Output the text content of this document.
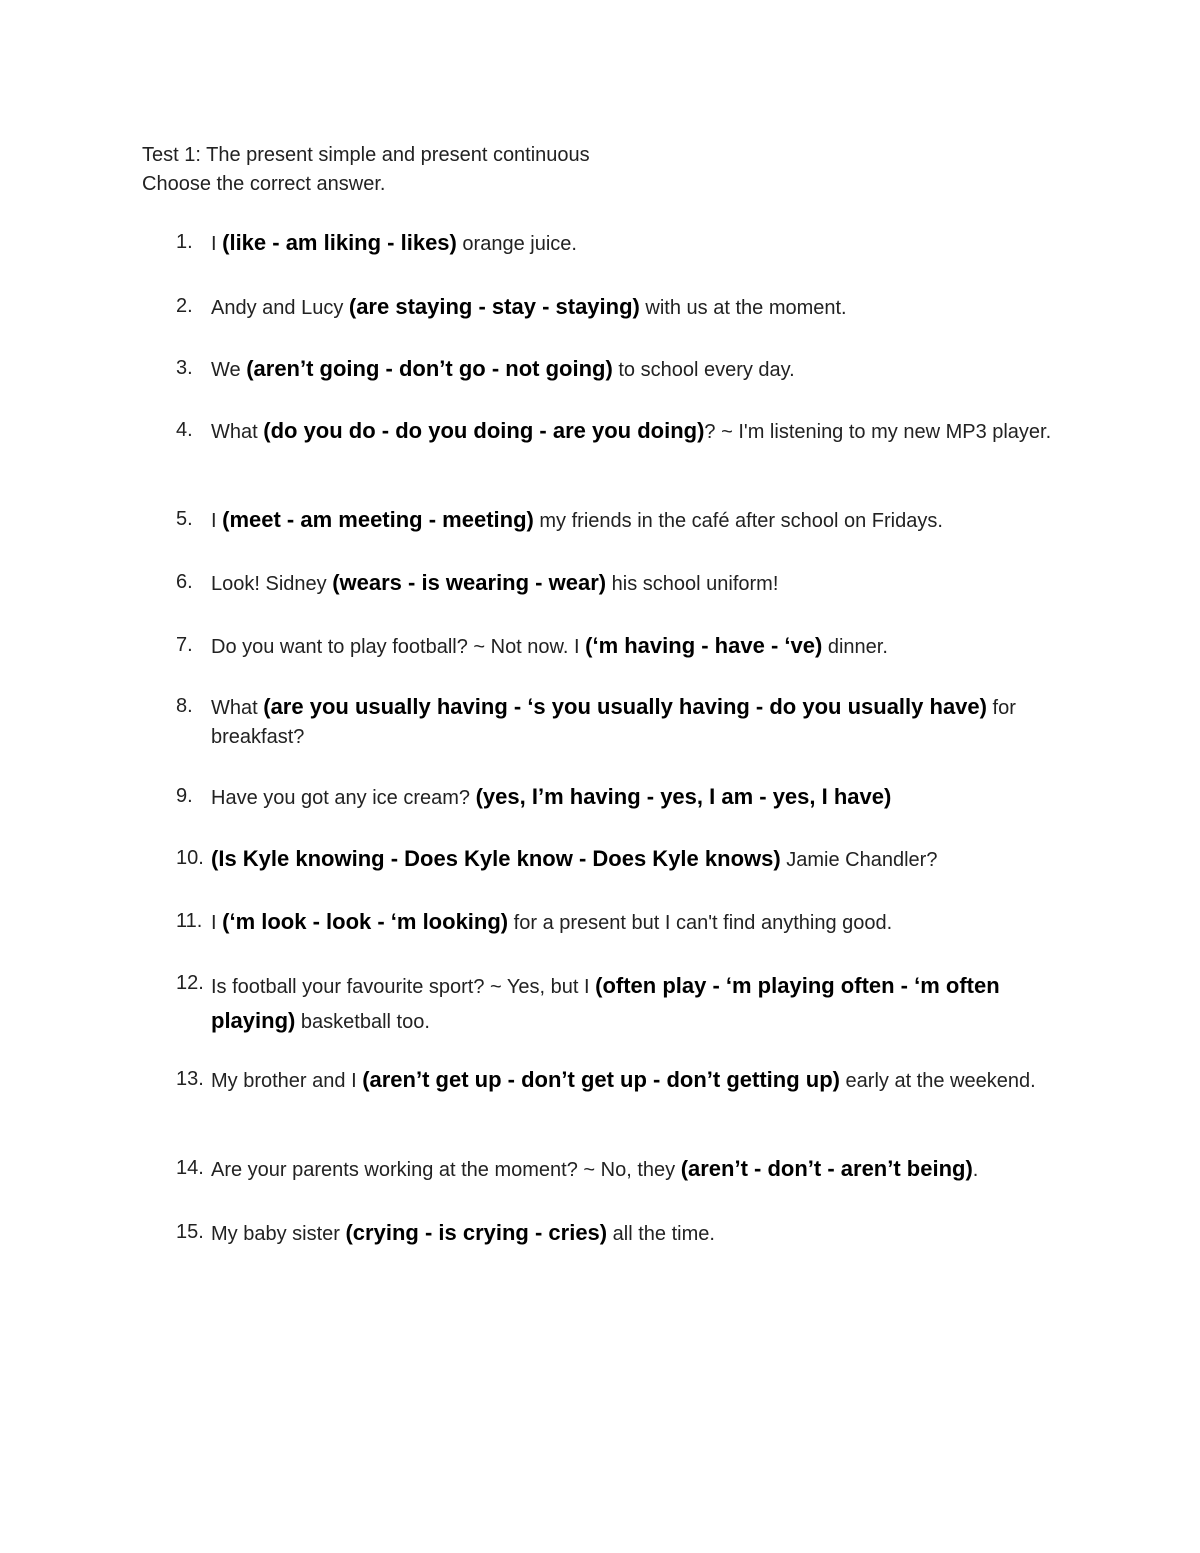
Test 1: The present simple and present continuous
Choose the correct answer.
1. I (like - am liking - likes) orange juice.
2. Andy and Lucy (are staying - stay - staying) with us at the moment.
3. We (aren’t going - don’t go - not going) to school every day.
4. What (do you do - do you doing - are you doing)? ~ I'm listening to my new MP3 player.
5. I (meet - am meeting - meeting) my friends in the café after school on Fridays.
6. Look! Sidney (wears - is wearing - wear) his school uniform!
7. Do you want to play football? ~ Not now. I (‘m having - have - ‘ve) dinner.
8. What (are you usually having - ‘s you usually having - do you usually have) for breakfast?
9. Have you got any ice cream? (yes, I’m having - yes, I am - yes, I have)
10. (Is Kyle knowing - Does Kyle know - Does Kyle knows) Jamie Chandler?
11. I (‘m look - look - ‘m looking) for a present but I can't find anything good.
12. Is football your favourite sport? ~ Yes, but I (often play - ‘m playing often - ‘m often playing) basketball too.
13. My brother and I (aren’t get up - don’t get up - don’t getting up) early at the weekend.
14. Are your parents working at the moment? ~ No, they (aren’t - don’t - aren’t being).
15. My baby sister (crying - is crying - cries) all the time.
